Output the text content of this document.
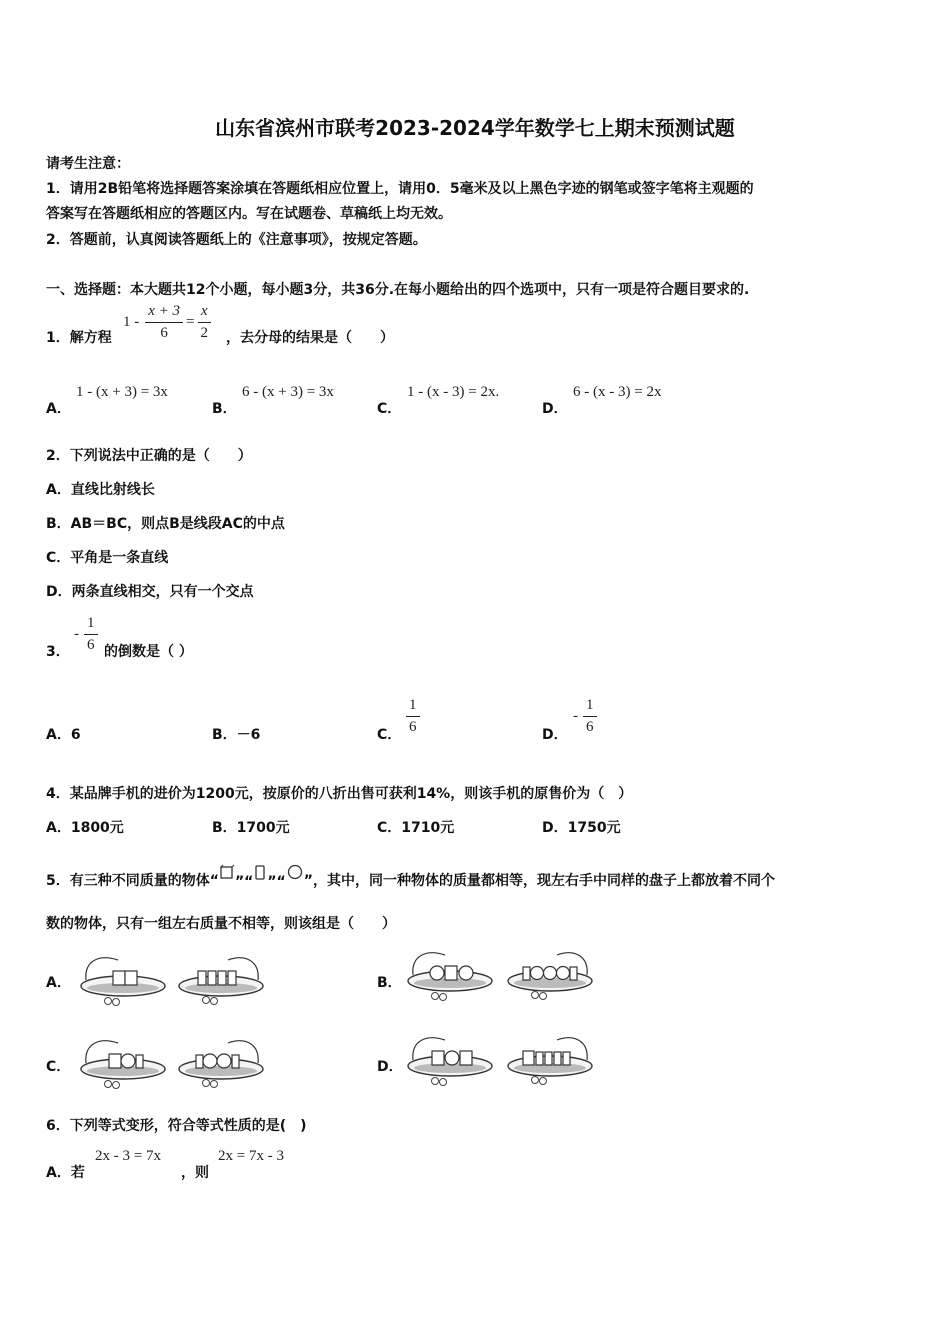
山东省滨州市联考2023-2024学年数学七上期末预测试题
请考生注意：
1．请用2B铅笔将选择题答案涂填在答题纸相应位置上，请用0．5毫米及以上黑色字迹的钢笔或签字笔将主观题的
答案写在答题纸相应的答题区内。写在试题卷、草稿纸上均无效。
2．答题前，认真阅读答题纸上的《注意事项》，按规定答题。
一、选择题：本大题共12个小题，每小题3分，共36分.在每小题给出的四个选项中，只有一项是符合题目要求的.
1．解方程
$1 - \frac{x + 3}{6} = \frac{x}{2}$ ，去分母的结果是（　　）
A．
1 - (x + 3) = 3x
B．
6 - (x + 3) = 3x
C．
1 - (x - 3) = 2x.
D．
6 - (x - 3) = 2x
2．下列说法中正确的是（　　）
A．直线比射线长
B．AB＝BC，则点B是线段AC的中点
C．平角是一条直线
D．两条直线相交，只有一个交点
3．
- $\frac{1}{6}$ 的倒数是（ ）
A．6	B．－6	C． $\frac{1}{6}$	D．
- $\frac{1}{6}$
4．某品牌手机的进价为1200元，按原价的八折出售可获利14%，则该手机的原售价为（　）
A．1800元	B．1700元	C．1710元	D．1750元
5．有三种不同质量的物体“ ”“ ”“ ”，其中，同一种物体的质量都相等，现左右手中同样的盘子上都放着不同个
数的物体，只有一组左右质量不相等，则该组是（　　）
A．	B．
C．	D．
6．下列等式变形，符合等式性质的是(　)
A．若
2x - 3 = 7x
，则
2x = 7x - 3
